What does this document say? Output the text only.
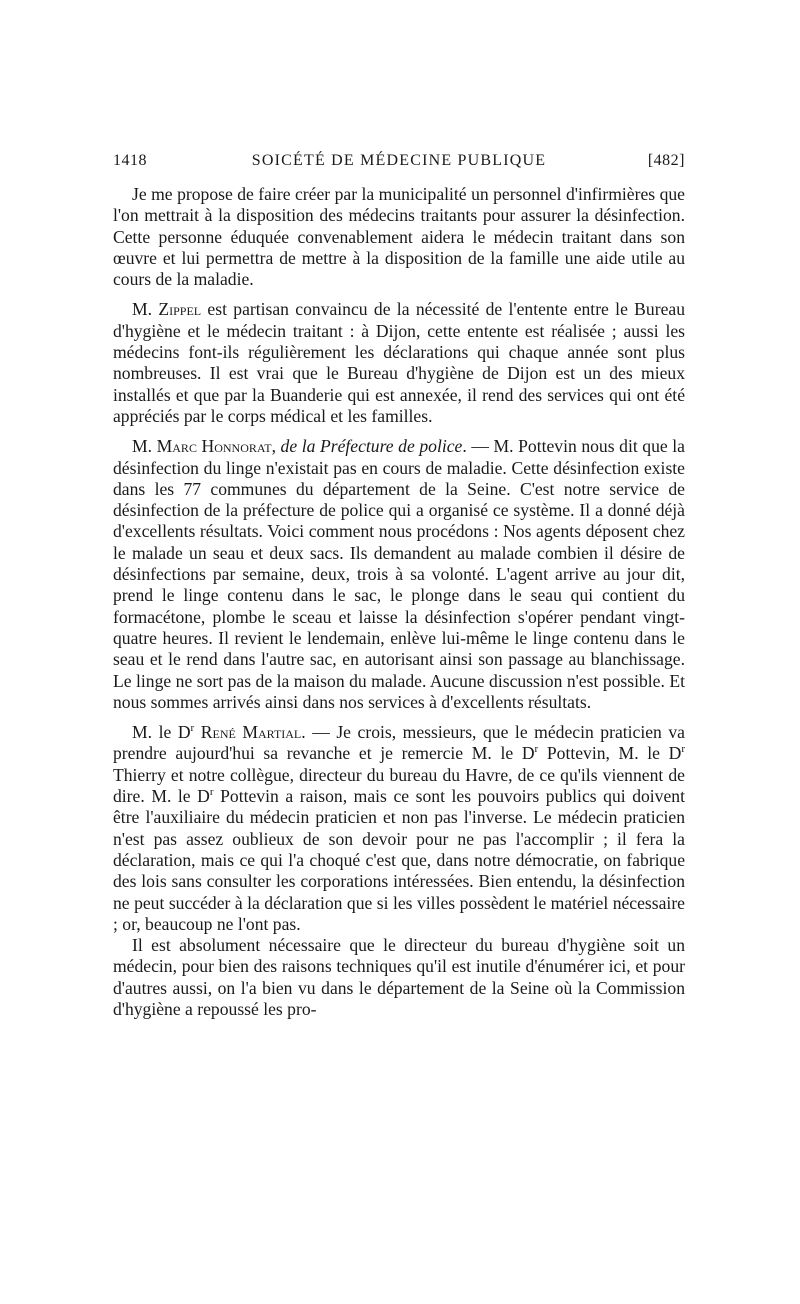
1418	SOICÉTÉ DE MÉDECINE PUBLIQUE	[482]

Je me propose de faire créer par la municipalité un personnel d'infirmières que l'on mettrait à la disposition des médecins traitants pour assurer la désinfection. Cette personne éduquée convenablement aidera le médecin traitant dans son œuvre et lui permettra de mettre à la disposition de la famille une aide utile au cours de la maladie.

M. Zippel est partisan convaincu de la nécessité de l'entente entre le Bureau d'hygiène et le médecin traitant : à Dijon, cette entente est réalisée ; aussi les médecins font-ils régulièrement les déclarations qui chaque année sont plus nombreuses. Il est vrai que le Bureau d'hygiène de Dijon est un des mieux installés et que par la Buanderie qui est annexée, il rend des services qui ont été appréciés par le corps médical et les familles.

M. Marc Honnorat, de la Préfecture de police. — M. Pottevin nous dit que la désinfection du linge n'existait pas en cours de maladie. Cette désinfection existe dans les 77 communes du département de la Seine. C'est notre service de désinfection de la préfecture de police qui a organisé ce système. Il a donné déjà d'excellents résultats. Voici comment nous procédons : Nos agents déposent chez le malade un seau et deux sacs. Ils demandent au malade combien il désire de désinfections par semaine, deux, trois à sa volonté. L'agent arrive au jour dit, prend le linge contenu dans le sac, le plonge dans le seau qui contient du formacétone, plombe le sceau et laisse la désinfection s'opérer pendant vingt-quatre heures. Il revient le lendemain, enlève lui-même le linge contenu dans le seau et le rend dans l'autre sac, en autorisant ainsi son passage au blanchissage. Le linge ne sort pas de la maison du malade. Aucune discussion n'est possible. Et nous sommes arrivés ainsi dans nos services à d'excellents résultats.

M. le $D^r$ René Martial. — Je crois, messieurs, que le médecin praticien va prendre aujourd'hui sa revanche et je remercie M. le $D^r$ Pottevin, M. le $D^r$ Thierry et notre collègue, directeur du bureau du Havre, de ce qu'ils viennent de dire. M. le $D^r$ Pottevin a raison, mais ce sont les pouvoirs publics qui doivent être l'auxiliaire du médecin praticien et non pas l'inverse. Le médecin praticien n'est pas assez oublieux de son devoir pour ne pas l'accomplir ; il fera la déclaration, mais ce qui l'a choqué c'est que, dans notre démocratie, on fabrique des lois sans consulter les corporations intéressées. Bien entendu, la désinfection ne peut succéder à la déclaration que si les villes possèdent le matériel nécessaire ; or, beaucoup ne l'ont pas.

Il est absolument nécessaire que le directeur du bureau d'hygiène soit un médecin, pour bien des raisons techniques qu'il est inutile d'énumérer ici, et pour d'autres aussi, on l'a bien vu dans le département de la Seine où la Commission d'hygiène a repoussé les pro-
